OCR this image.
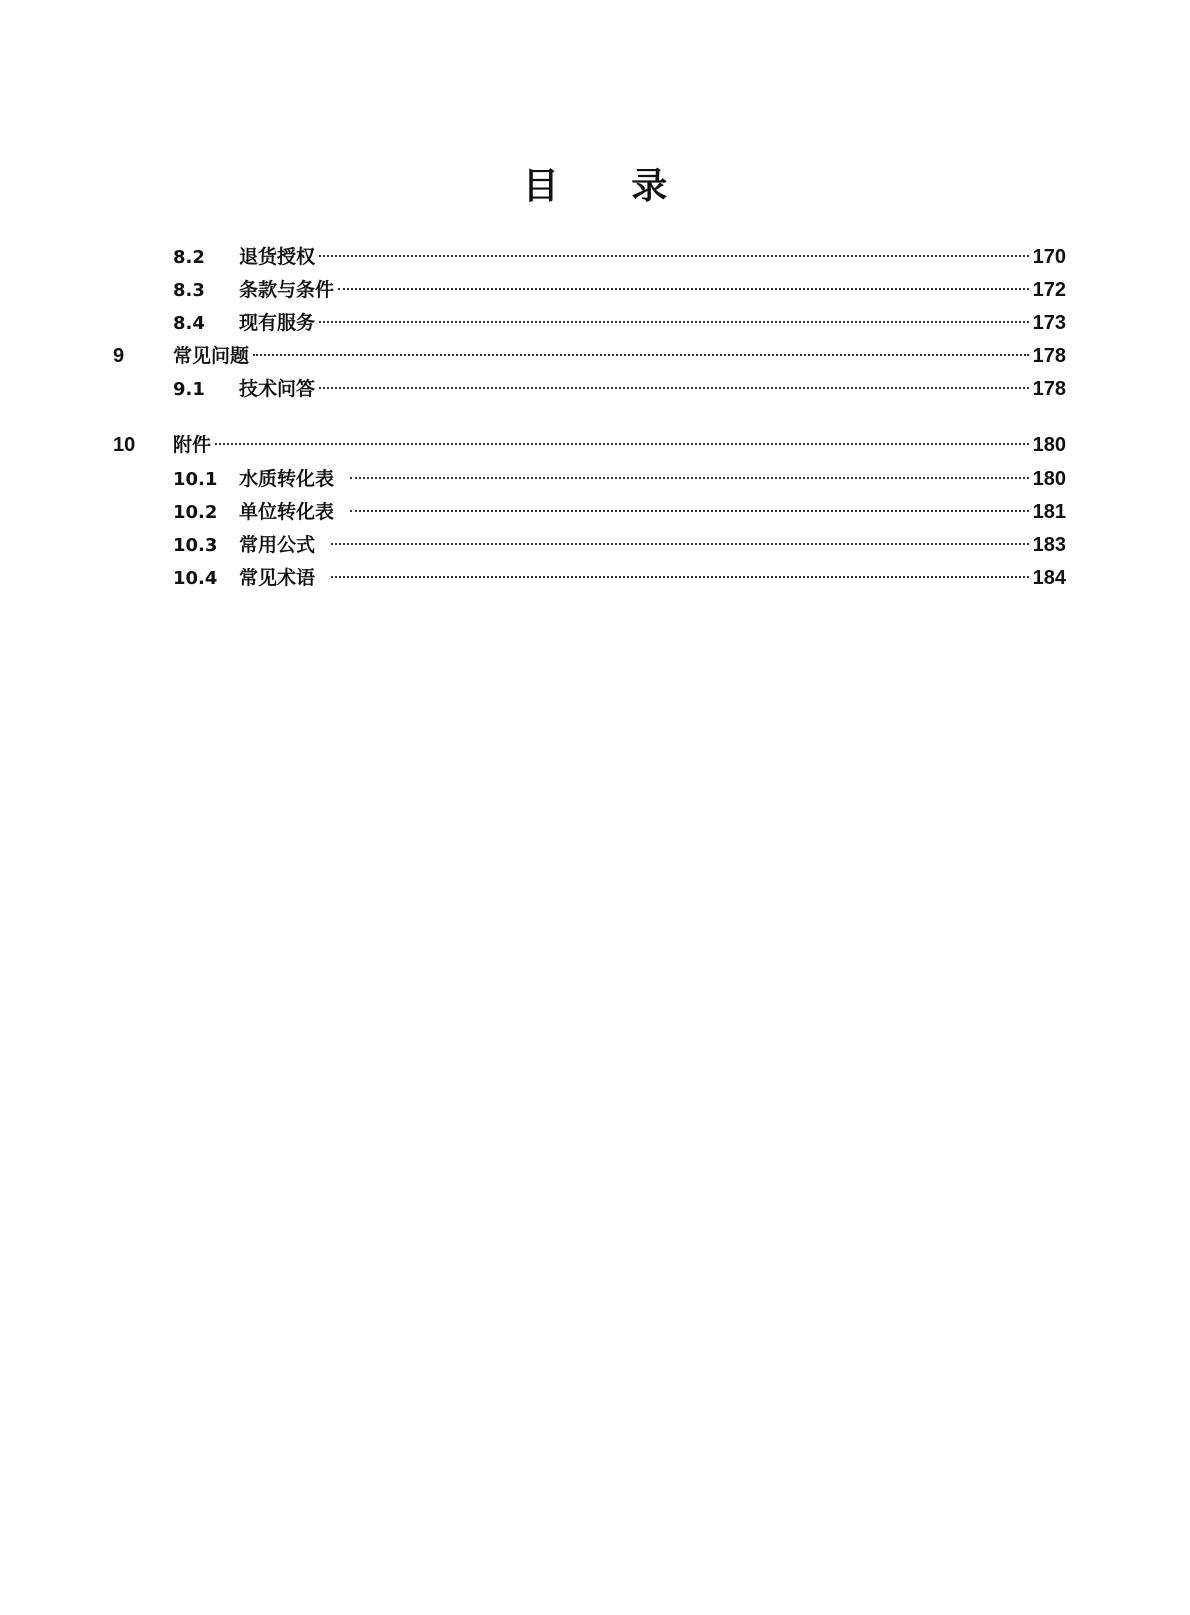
目 录
8.2	退货授权	170
8.3	条款与条件	172
8.4	现有服务	173
9	常见问题	178
9.1	技术问答	178
10	附件	180
10.1	水质转化表	180
10.2	单位转化表	181
10.3	常用公式	183
10.4	常见术语	184
